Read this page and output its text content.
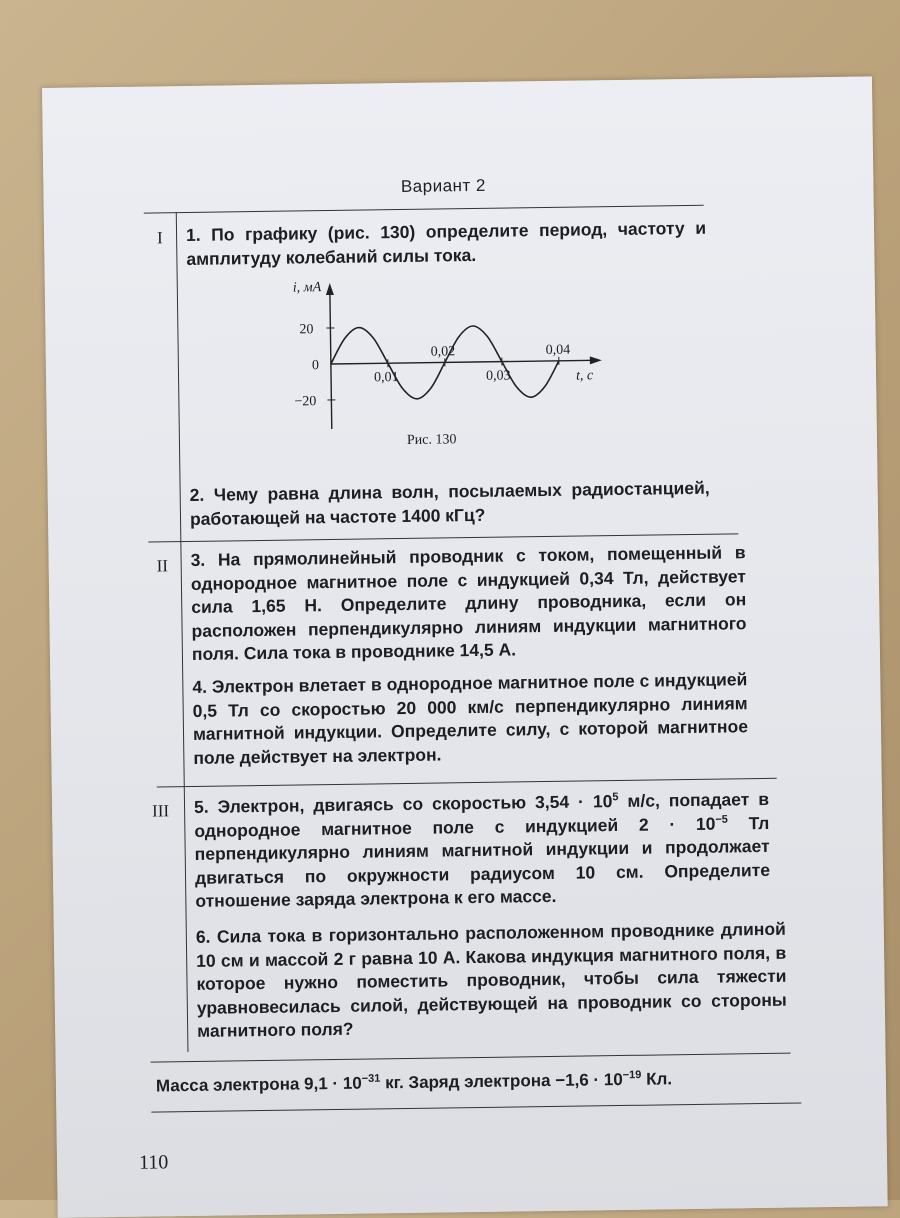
Вариант 2
I 1. По графику (рис. 130) определите период, частоту и амплитуду колебаний силы тока.
i, мА
20
0
−20
0,01	0,03
0,02	0,04
t, с
Рис. 130
2. Чему равна длина волн, посылаемых радиостанцией, работающей на частоте 1400 кГц?
II 3. На прямолинейный проводник с током, помещенный в однородное магнитное поле с индукцией 0,34 Тл, действует сила 1,65 Н. Определите длину проводника, если он расположен перпендикулярно линиям индукции магнитного поля. Сила тока в проводнике 14,5 А.
4. Электрон влетает в однородное магнитное поле с индукцией 0,5 Тл со скоростью 20 000 км/с перпендикулярно линиям магнитной индукции. Определите силу, с которой магнитное поле действует на электрон.
III 5. Электрон, двигаясь со скоростью $3,54 \cdot 10^5$ м/с, попадает в однородное магнитное поле с индукцией $2 \cdot 10^{-5}$ Тл перпендикулярно линиям магнитной индукции и продолжает двигаться по окружности радиусом 10 см. Определите отношение заряда электрона к его массе.
6. Сила тока в горизонтально расположенном проводнике длиной 10 см и массой 2 г равна 10 А. Какова индукция магнитного поля, в которое нужно поместить проводник, чтобы сила тяжести уравновесилась силой, действующей на проводник со стороны магнитного поля?
Масса электрона $9,1 \cdot 10^{-31}$ кг. Заряд электрона $-1,6 \cdot 10^{-19}$ Кл.
110
